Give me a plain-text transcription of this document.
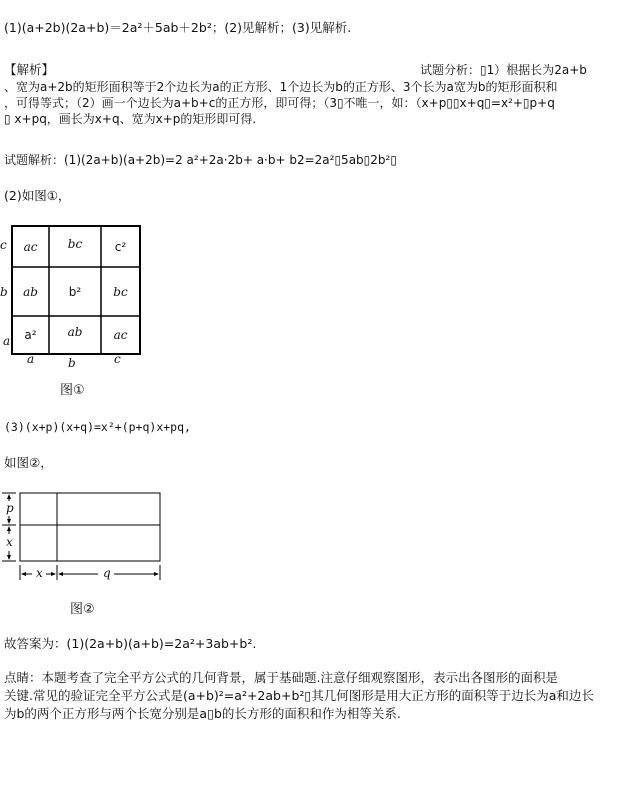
(1)(a+2b)(2a+b)＝2a²＋5ab＋2b²；(2)见解析；(3)见解析.
【解析】	试题分析：▯1）根据长为2a+b
、宽为a+2b的矩形面积等于2个边长为a的正方形、1个边长为b的正方形、3个长为a宽为b的矩形面积和
，可得等式；（2）画一个边长为a+b+c的正方形，即可得；（3▯不唯一，如：（x+p▯▯x+q▯=x²+▯p+q
▯ x+pq，画长为x+q、宽为x+p的矩形即可得.
试题解析：(1)(2a+b)(a+2b)=2 a²+2a·2b+ a·b+ b2=2a²▯5ab▯2b²▯
(2)如图①，
ac	bc	c²
ab	b²	bc
a²	ab	ac
c
b
a
a	b	c
图①
(3)(x+p)(x+q)=x²+(p+q)x+pq,
如图②，
p
x
x	q
图②
故答案为：(1)(2a+b)(a+b)=2a²+3ab+b².
点睛：本题考查了完全平方公式的几何背景，属于基础题.注意仔细观察图形，表示出各图形的面积是
关键.常见的验证完全平方公式是(a+b)²=a²+2ab+b²▯其几何图形是用大正方形的面积等于边长为a和边长
为b的两个正方形与两个长宽分别是a▯b的长方形的面积和作为相等关系.
